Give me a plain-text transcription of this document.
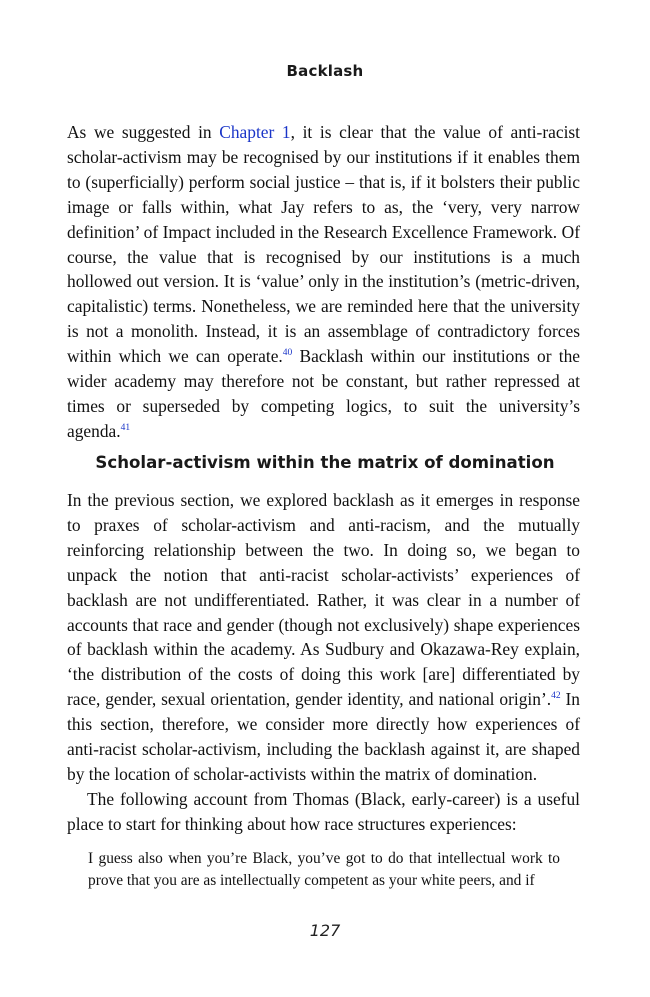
Backlash

As we suggested in Chapter 1, it is clear that the value of anti-racist scholar-activism may be recognised by our institutions if it enables them to (superficially) perform social justice – that is, if it bolsters their public image or falls within, what Jay refers to as, the ‘very, very narrow definition’ of Impact included in the Research Excellence Framework. Of course, the value that is recognised by our institutions is a much hollowed out version. It is ‘value’ only in the institution’s (metric-driven, capitalistic) terms. Nonetheless, we are reminded here that the university is not a monolith. Instead, it is an assemblage of contradictory forces within which we can operate.$^{40}$ Backlash within our institutions or the wider academy may therefore not be constant, but rather repressed at times or superseded by competing logics, to suit the university’s agenda.$^{41}$

Scholar-activism within the matrix of domination

In the previous section, we explored backlash as it emerges in response to praxes of scholar-activism and anti-racism, and the mutually reinforcing relationship between the two. In doing so, we began to unpack the notion that anti-racist scholar-activists’ experiences of backlash are not undifferentiated. Rather, it was clear in a number of accounts that race and gender (though not exclusively) shape experiences of backlash within the academy. As Sudbury and Okazawa-Rey explain, ‘the distribution of the costs of doing this work [are] differentiated by race, gender, sexual orientation, gender identity, and national origin’.$^{42}$ In this section, therefore, we consider more directly how experiences of anti-racist scholar-activism, including the backlash against it, are shaped by the location of scholar-activists within the matrix of domination.

The following account from Thomas (Black, early-career) is a useful place to start for thinking about how race structures experiences:

I guess also when you’re Black, you’ve got to do that intellectual work to prove that you are as intellectually competent as your white peers, and if

127
